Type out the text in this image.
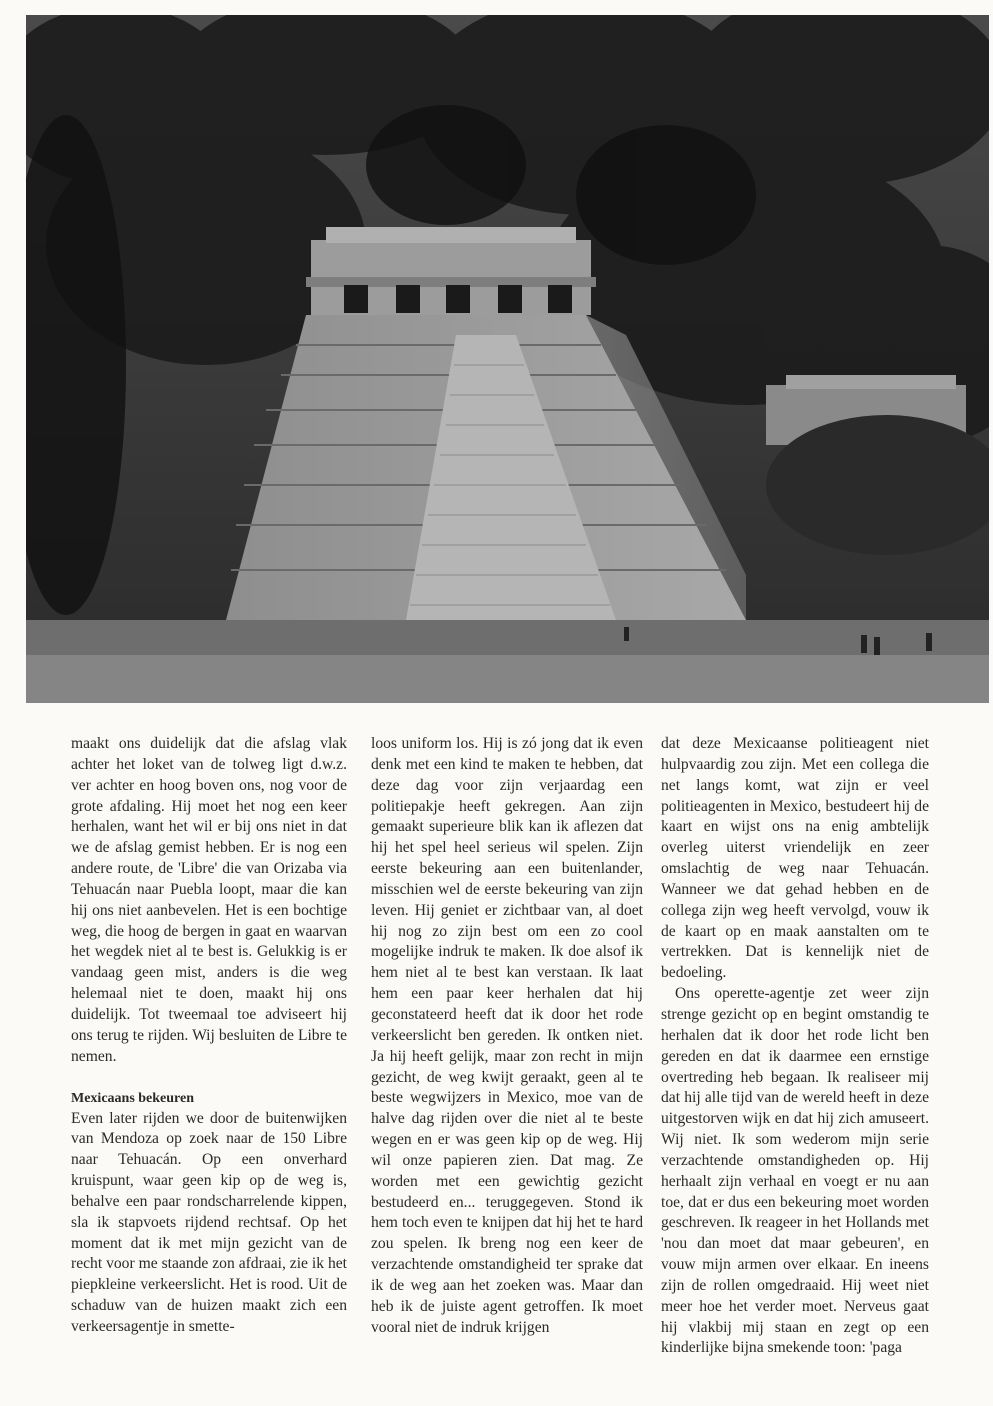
maakt ons duidelijk dat die afslag vlak achter het loket van de tolweg ligt d.w.z. ver achter en hoog boven ons, nog voor de grote afdaling. Hij moet het nog een keer herhalen, want het wil er bij ons niet in dat we de afslag gemist hebben. Er is nog een andere route, de 'Libre' die van Orizaba via Tehuacán naar Puebla loopt, maar die kan hij ons niet aanbevelen. Het is een bochtige weg, die hoog de bergen in gaat en waarvan het wegdek niet al te best is. Gelukkig is er vandaag geen mist, anders is die weg helemaal niet te doen, maakt hij ons duidelijk. Tot tweemaal toe adviseert hij ons terug te rijden. Wij besluiten de Libre te nemen.

Mexicaans bekeuren

Even later rijden we door de buitenwijken van Mendoza op zoek naar de 150 Libre naar Tehuacán. Op een onverhard kruispunt, waar geen kip op de weg is, behalve een paar rondscharrelende kippen, sla ik stapvoets rijdend rechtsaf. Op het moment dat ik met mijn gezicht van de recht voor me staande zon afdraai, zie ik het piepkleine verkeerslicht. Het is rood. Uit de schaduw van de huizen maakt zich een verkeersagentje in smette-

loos uniform los. Hij is zó jong dat ik even denk met een kind te maken te hebben, dat deze dag voor zijn verjaardag een politiepakje heeft gekregen. Aan zijn gemaakt superieure blik kan ik aflezen dat hij het spel heel serieus wil spelen. Zijn eerste bekeuring aan een buitenlander, misschien wel de eerste bekeuring van zijn leven. Hij geniet er zichtbaar van, al doet hij nog zo zijn best om een zo cool mogelijke indruk te maken. Ik doe alsof ik hem niet al te best kan verstaan. Ik laat hem een paar keer herhalen dat hij geconstateerd heeft dat ik door het rode verkeerslicht ben gereden. Ik ontken niet. Ja hij heeft gelijk, maar zon recht in mijn gezicht, de weg kwijt geraakt, geen al te beste wegwijzers in Mexico, moe van de halve dag rijden over die niet al te beste wegen en er was geen kip op de weg. Hij wil onze papieren zien. Dat mag. Ze worden met een gewichtig gezicht bestudeerd en... teruggegeven. Stond ik hem toch even te knijpen dat hij het te hard zou spelen. Ik breng nog een keer de verzachtende omstandigheid ter sprake dat ik de weg aan het zoeken was. Maar dan heb ik de juiste agent getroffen. Ik moet vooral niet de indruk krijgen

dat deze Mexicaanse politieagent niet hulpvaardig zou zijn. Met een collega die net langs komt, wat zijn er veel politieagenten in Mexico, bestudeert hij de kaart en wijst ons na enig ambtelijk overleg uiterst vriendelijk en zeer omslachtig de weg naar Tehuacán. Wanneer we dat gehad hebben en de collega zijn weg heeft vervolgd, vouw ik de kaart op en maak aanstalten om te vertrekken. Dat is kennelijk niet de bedoeling.

Ons operette-agentje zet weer zijn strenge gezicht op en begint omstandig te herhalen dat ik door het rode licht ben gereden en dat ik daarmee een ernstige overtreding heb begaan. Ik realiseer mij dat hij alle tijd van de wereld heeft in deze uitgestorven wijk en dat hij zich amuseert. Wij niet. Ik som wederom mijn serie verzachtende omstandigheden op. Hij herhaalt zijn verhaal en voegt er nu aan toe, dat er dus een bekeuring moet worden geschreven. Ik reageer in het Hollands met 'nou dan moet dat maar gebeuren', en vouw mijn armen over elkaar. En ineens zijn de rollen omgedraaid. Hij weet niet meer hoe het verder moet. Nerveus gaat hij vlakbij mij staan en zegt op een kinderlijke bijna smekende toon: 'paga
